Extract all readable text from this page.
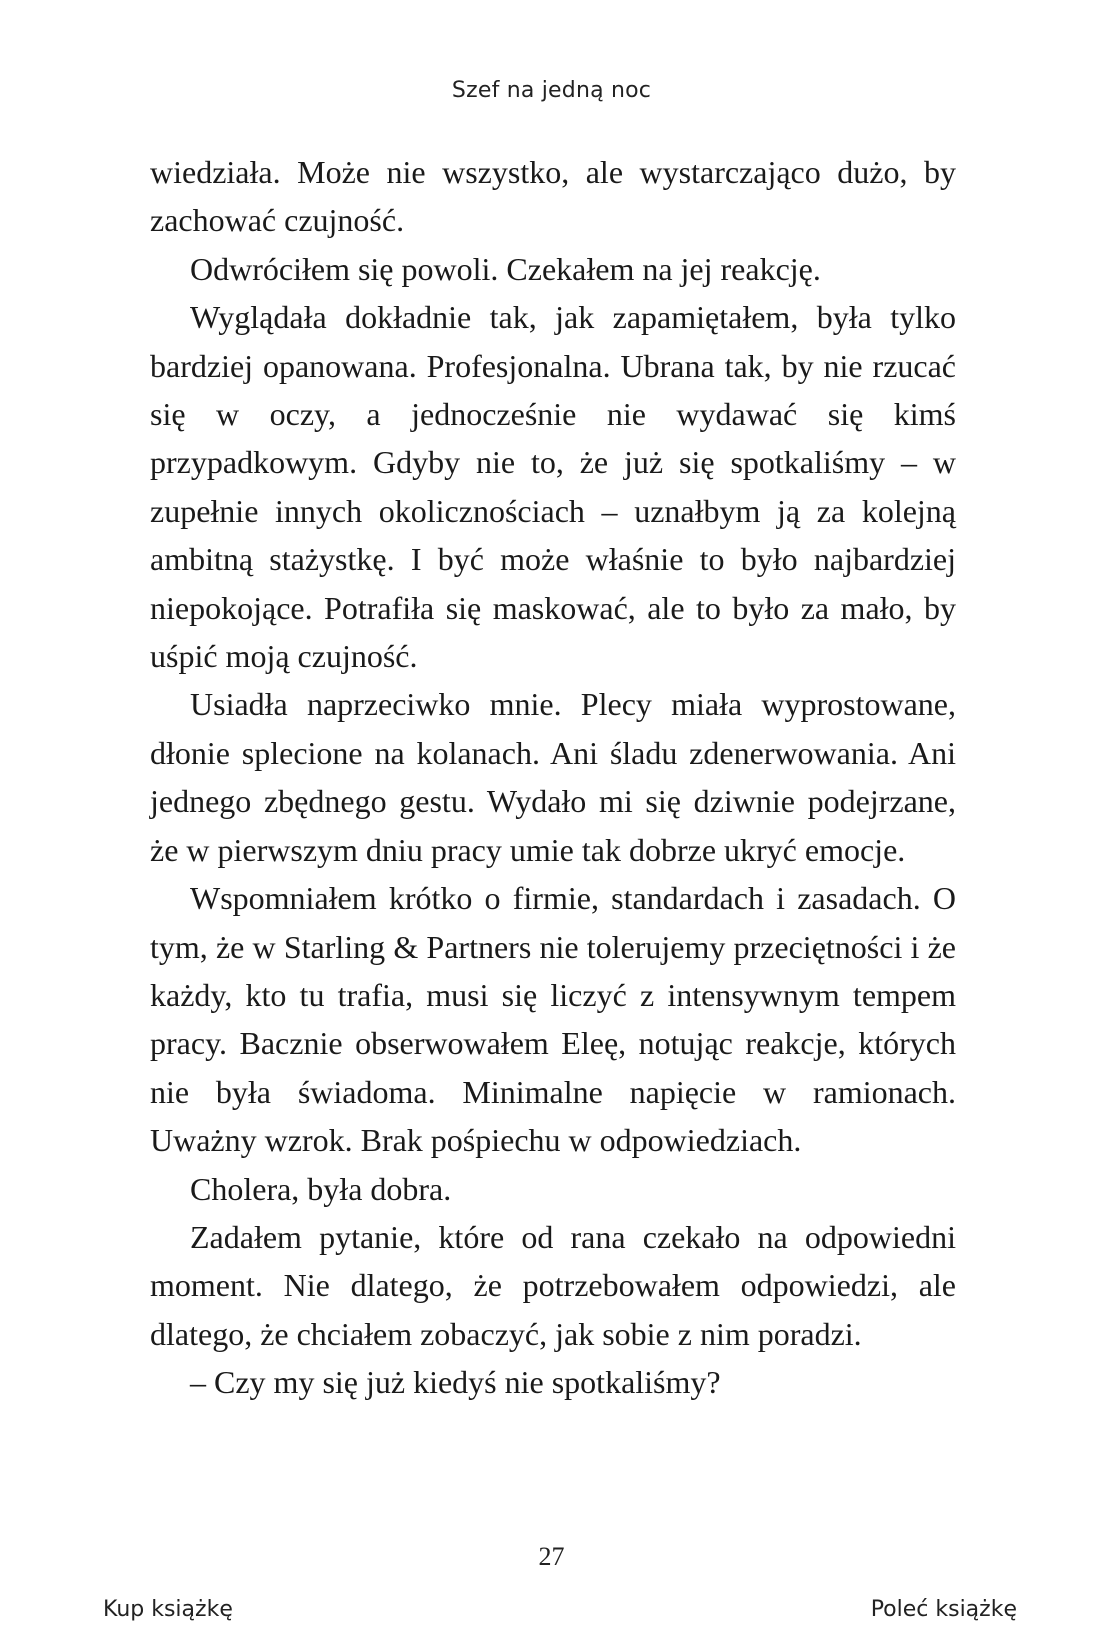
Szef na jedną noc

wiedziała. Może nie wszystko, ale wystarczająco dużo, by zachować czujność.

Odwróciłem się powoli. Czekałem na jej reakcję.

Wyglądała dokładnie tak, jak zapamiętałem, była tylko bardziej opanowana. Profesjonalna. Ubrana tak, by nie rzucać się w oczy, a jednocześnie nie wydawać się kimś przypadkowym. Gdyby nie to, że już się spotkaliśmy – w zupełnie innych okolicznościach – uznałbym ją za kolejną ambitną stażystkę. I być może właśnie to było najbardziej niepokojące. Potrafiła się maskować, ale to było za mało, by uśpić moją czujność.

Usiadła naprzeciwko mnie. Plecy miała wyprostowane, dłonie splecione na kolanach. Ani śladu zdenerwowania. Ani jednego zbędnego gestu. Wydało mi się dziwnie podejrzane, że w pierwszym dniu pracy umie tak dobrze ukryć emocje.

Wspomniałem krótko o firmie, standardach i zasadach. O tym, że w Starling & Partners nie tolerujemy przeciętności i że każdy, kto tu trafia, musi się liczyć z intensywnym tempem pracy. Bacznie obserwowałem Eleę, notując reakcje, których nie była świadoma. Minimalne napięcie w ramionach. Uważny wzrok. Brak pośpiechu w odpowiedziach.

Cholera, była dobra.

Zadałem pytanie, które od rana czekało na odpowiedni moment. Nie dlatego, że potrzebowałem odpowiedzi, ale dlatego, że chciałem zobaczyć, jak sobie z nim poradzi.

– Czy my się już kiedyś nie spotkaliśmy?

27
Kup książkę	Poleć książkę
